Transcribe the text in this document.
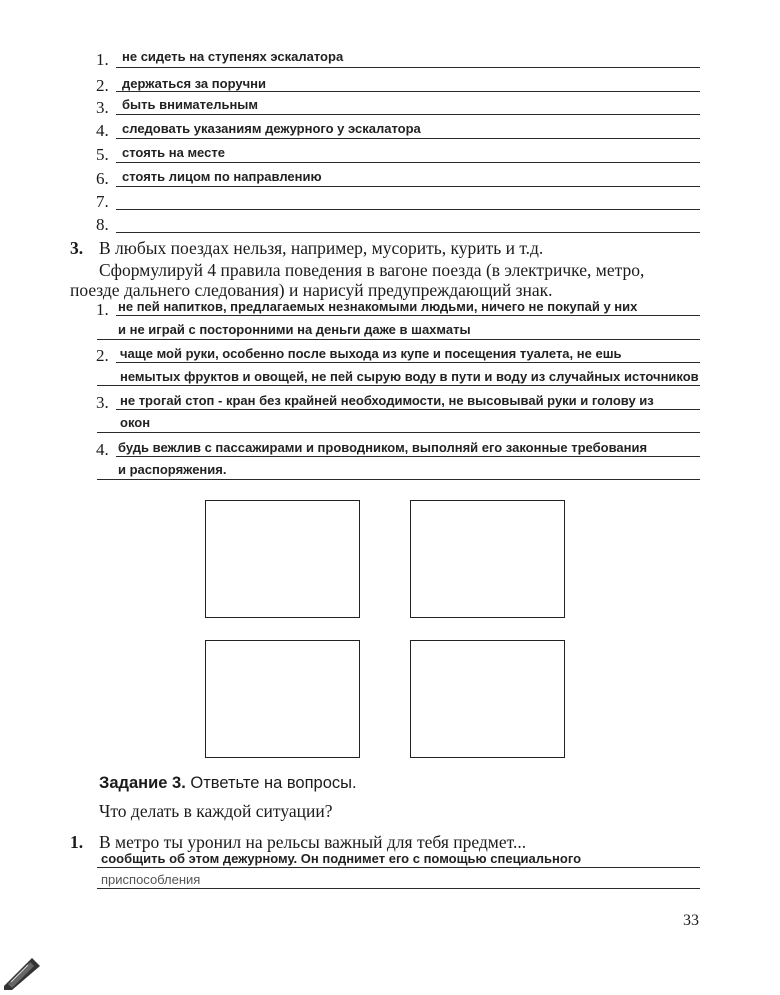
1. не сидеть на ступенях эскалатора
2. держаться за поручни
3. быть внимательным
4. следовать указаниям дежурного у эскалатора
5. стоять на месте
6. стоять лицом по направлению
7.
8.
3. В любых поездах нельзя, например, мусорить, курить и т.д.
Сформулируй 4 правила поведения в вагоне поезда (в электричке, метро,
поезде дальнего следования) и нарисуй предупреждающий знак.
1. не пей напитков, предлагаемых незнакомыми людьми, ничего не покупай у них
и не играй с посторонними на деньги даже в шахматы
2. чаще мой руки, особенно после выхода из купе и посещения туалета, не ешь
немытых фруктов и овощей, не пей сырую воду в пути и воду из случайных источников
3. не трогай стоп - кран без крайней необходимости, не высовывай руки и голову из
окон
4. будь вежлив с пассажирами и проводником, выполняй его законные требования
и распоряжения.
Задание 3. Ответьте на вопросы.
Что делать в каждой ситуации?
1. В метро ты уронил на рельсы важный для тебя предмет...
сообщить об этом дежурному. Он поднимет его с помощью специального
приспособления
33
